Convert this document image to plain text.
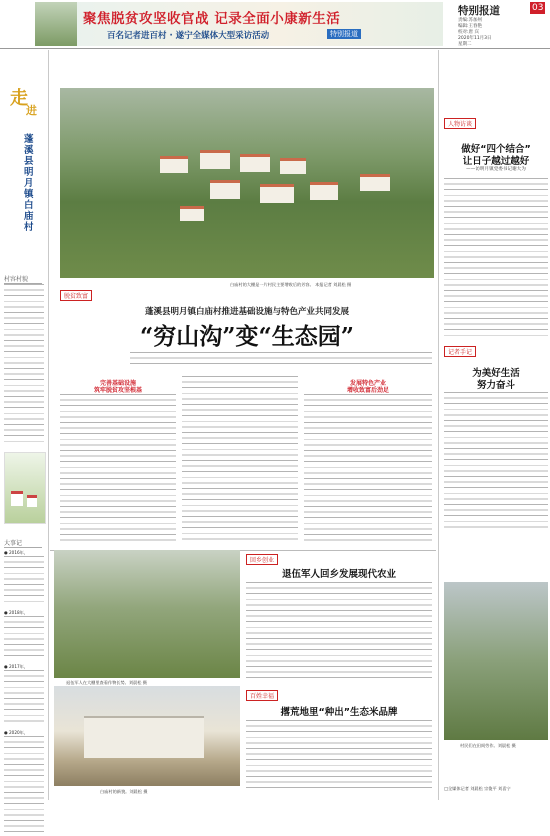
聚焦脱贫攻坚收官战 记录全面小康新生活
百名记者进百村 · 遂宁全媒体大型采访活动	特别报道
特别报道	03
责编:苏加州
编辑:王春艳
校对:唐 宾
2020年11月3日
星期二
走
进
蓬溪县明月镇白庙村
村容村貌
大事记
● 2016年，
● 2018年，
● 2017年，
● 2020年，
白庙村的大棚是一片村民主要增收后的芳容。 本报记者 刘晨松 摄
脱贫致富
蓬溪县明月镇白庙村推进基础设施与特色产业共同发展
“穷山沟”变“生态园”
完善基础设施
筑牢脱贫攻坚根基
发展特色产业
增收致富后劲足
人物访谈
做好“四个结合”
让日子越过越好
——访明月镇党委书记谢大为
记者手记
为美好生活
努力奋斗
村民们在田间劳作。刘晨松 摄
退伍军人在大棚里查看作物长势。刘晨松 摄
回乡创业
退伍军人回乡发展现代农业
白庙村的新貌。刘晨松 摄
百姓幸福
撂荒地里“种出”生态米品牌
□全媒体记者 刘晨松 宗俊平 刘喜宁
